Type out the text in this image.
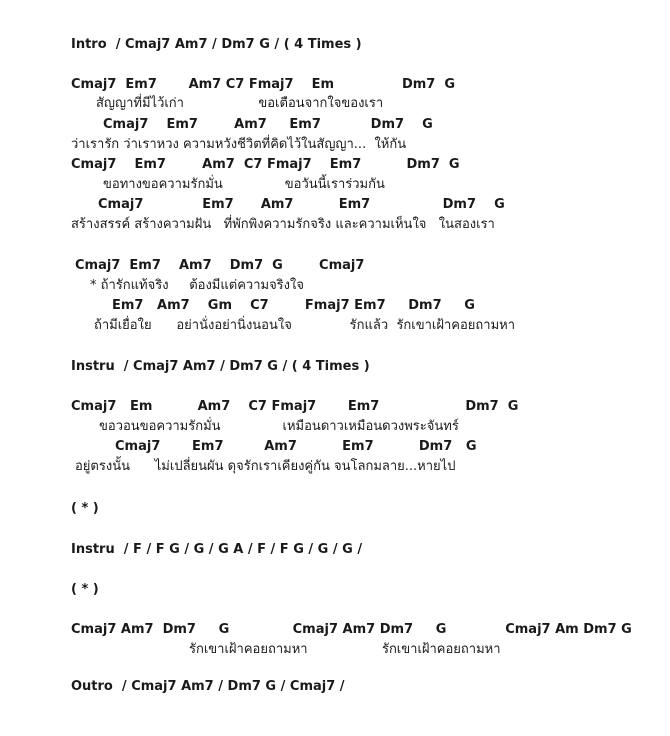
Intro  / Cmaj7 Am7 / Dm7 G / ( 4 Times )
Cmaj7  Em7       Am7 C7 Fmaj7    Em               Dm7  G
สัญญาที่มีไว้เก่า                  ขอเตือนจากใจของเรา
Cmaj7    Em7        Am7     Em7           Dm7    G
ว่าเรารัก ว่าเราหวง ความหวังชีวิตที่คิดไว้ในสัญญา...  ให้กัน
Cmaj7    Em7        Am7  C7 Fmaj7    Em7          Dm7  G
ขอทางขอความรักมั่น               ขอวันนี้เราร่วมกัน
Cmaj7             Em7      Am7          Em7                Dm7    G
สร้างสรรค์ สร้างความฝัน   ที่พักพิงความรักจริง และความเห็นใจ   ในสองเรา
Cmaj7  Em7    Am7    Dm7  G        Cmaj7
* ถ้ารักแท้จริง     ต้องมีแต่ความจริงใจ
Em7   Am7    Gm    C7        Fmaj7 Em7     Dm7     G
ถ้ามีเยื่อใย      อย่านั่งอย่านิ่งนอนใจ              รักแล้ว  รักเขาเฝ้าคอยถามหา
Instru  / Cmaj7 Am7 / Dm7 G / ( 4 Times )
Cmaj7   Em          Am7    C7 Fmaj7       Em7                   Dm7  G
ขอวอนขอความรักมั่น               เหมือนดาวเหมือนดวงพระจันทร์
Cmaj7       Em7         Am7          Em7          Dm7   G
อยู่ตรงนั้น      ไม่เปลี่ยนผัน ดุจรักเราเคียงคู่กัน จนโลกมลาย...หายไป
( * )
Instru  / F / F G / G / G A / F / F G / G / G /
( * )
Cmaj7 Am7  Dm7     G              Cmaj7 Am7 Dm7     G             Cmaj7 Am Dm7 G
รักเขาเฝ้าคอยถามหา                  รักเขาเฝ้าคอยถามหา
Outro  / Cmaj7 Am7 / Dm7 G / Cmaj7 /
